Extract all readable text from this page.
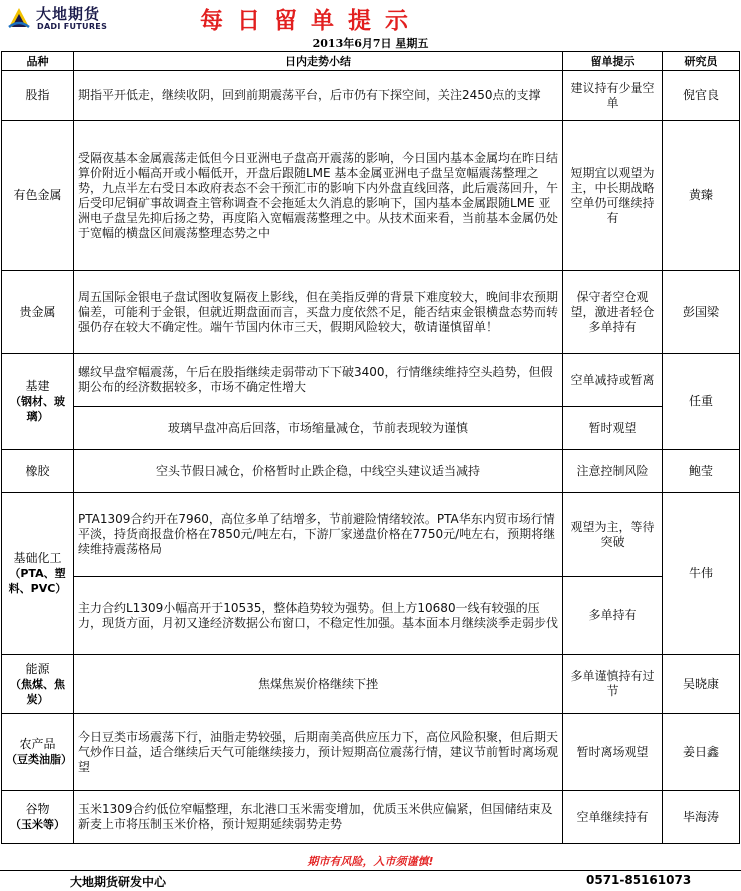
大地期货
DADI FUTURES	每日留单提示
2013年6月7日 星期五
品种	日内走势小结	留单提示	研究员
股指	期指平开低走，继续收阴，回到前期震荡平台，后市仍有下探空间，关注2450点的支撑	建议持有少量空单	倪官良
有色金属	受隔夜基本金属震荡走低但今日亚洲电子盘高开震荡的影响，今日国内基本金属均在昨日结算价附近小幅高开或小幅低开，开盘后跟随LME 基本金属亚洲电子盘呈宽幅震荡整理之势，九点半左右受日本政府表态不会干预汇市的影响下内外盘直线回落，此后震荡回升，午后受印尼铜矿事故调查主管称调查不会拖延太久消息的影响下，国内基本金属跟随LME 亚洲电子盘呈先抑后扬之势，再度陷入宽幅震荡整理之中。从技术面来看，当前基本金属仍处于宽幅的横盘区间震荡整理态势之中	短期宜以观望为主，中长期战略空单仍可继续持有	黄臻
贵金属	周五国际金银电子盘试图收复隔夜上影线，但在美指反弹的背景下难度较大，晚间非农预期偏差，可能利于金银，但就近期盘面而言，买盘力度依然不足，能否结束金银横盘态势而转强仍存在较大不确定性。端午节国内休市三天，假期风险较大，敬请谨慎留单！	保守者空仓观望，激进者轻仓多单持有	彭国梁
基建
（钢材、玻璃）	螺纹早盘窄幅震荡，午后在股指继续走弱带动下下破3400，行情继续维持空头趋势，但假期公布的经济数据较多，市场不确定性增大	空单减持或暂离	任重
	玻璃早盘冲高后回落，市场缩量减仓，节前表现较为谨慎	暂时观望	
橡胶	空头节假日减仓，价格暂时止跌企稳，中线空头建议适当减持	注意控制风险	鲍莹
基础化工
（PTA、塑料、PVC）	PTA1309合约开在7960，高位多单了结增多，节前避险情绪较浓。PTA华东内贸市场行情平淡，持货商报盘价格在7850元/吨左右，下游厂家递盘价格在7750元/吨左右，预期将继续维持震荡格局	观望为主，等待突破	牛伟
	主力合约L1309小幅高开于10535，整体趋势较为强势。但上方10680一线有较强的压力，现货方面，月初又逢经济数据公布窗口，不稳定性加强。基本面本月继续淡季走弱步伐	多单持有	
能源
（焦煤、焦炭）	焦煤焦炭价格继续下挫	多单谨慎持有过节	吴晓康
农产品
（豆类油脂）	今日豆类市场震荡下行，油脂走势较强，后期南美高供应压力下，高位风险积聚，但后期天气炒作日益，适合继续后天气可能继续接力，预计短期高位震荡行情，建议节前暂时离场观望	暂时离场观望	姜日鑫
谷物
（玉米等）	玉米1309合约低位窄幅整理，东北港口玉米需变增加，优质玉米供应偏紧，但国储结束及新麦上市将压制玉米价格，预计短期延续弱势走势	空单继续持有	毕海涛
期市有风险，入市须谨慎!
大地期货研发中心	0571-85161073
